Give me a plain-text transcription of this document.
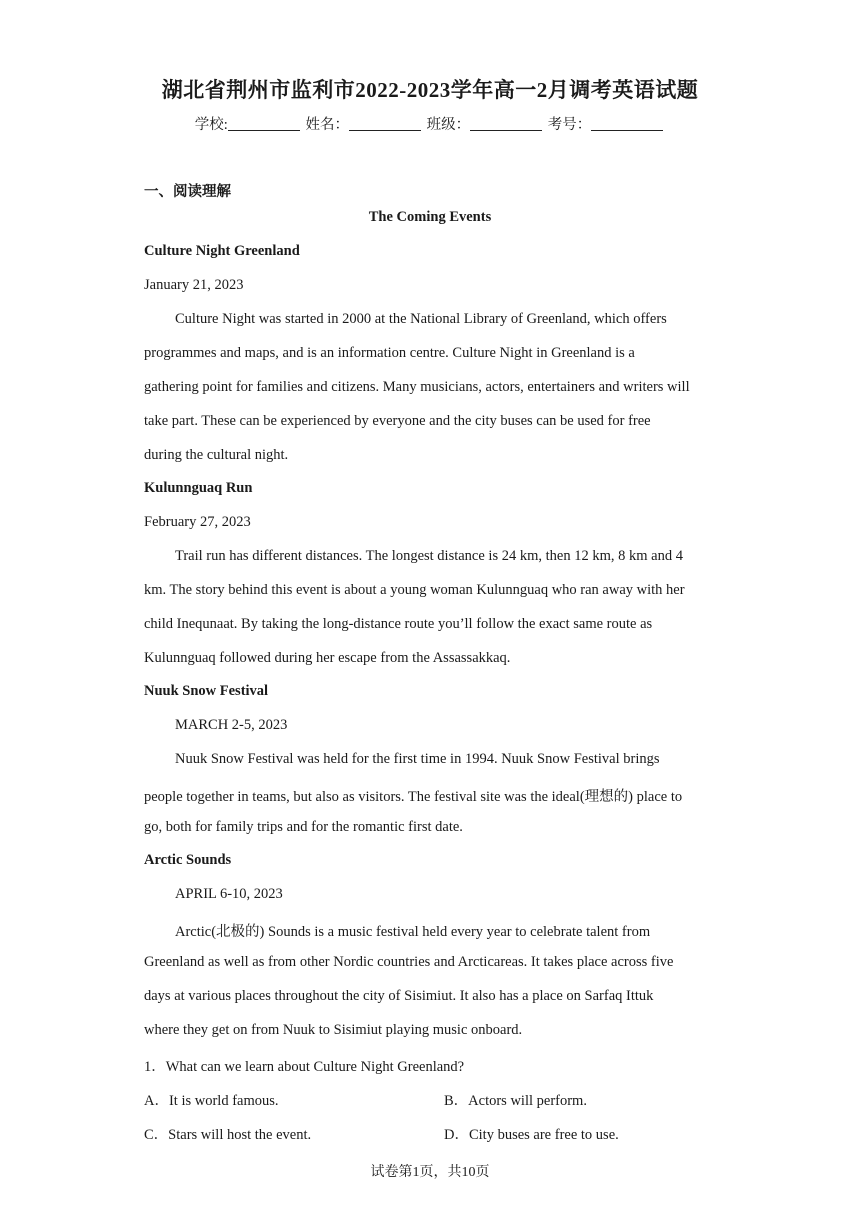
湖北省荆州市监利市2022-2023学年高一2月调考英语试题
学校:	姓名：	班级：	考号：
一、阅读理解
The Coming Events
Culture Night Greenland
January 21, 2023
Culture Night was started in 2000 at the National Library of Greenland, which offers
programmes and maps, and is an information centre. Culture Night in Greenland is a
gathering point for families and citizens. Many musicians, actors, entertainers and writers will
take part. These can be experienced by everyone and the city buses can be used for free
during the cultural night.
Kulunnguaq Run
February 27, 2023
Trail run has different distances. The longest distance is 24 km, then 12 km, 8 km and 4
km. The story behind this event is about a young woman Kulunnguaq who ran away with her
child Inequnaat. By taking the long-distance route you’ll follow the exact same route as
Kulunnguaq followed during her escape from the Assassakkaq.
Nuuk Snow Festival
MARCH 2-5, 2023
Nuuk Snow Festival was held for the first time in 1994. Nuuk Snow Festival brings
people together in teams, but also as visitors. The festival site was the ideal(理想的) place to
go, both for family trips and for the romantic first date.
Arctic Sounds
APRIL 6-10, 2023
Arctic(北极的) Sounds is a music festival held every year to celebrate talent from
Greenland as well as from other Nordic countries and Arcticareas. It takes place across five
days at various places throughout the city of Sisimiut. It also has a place on Sarfaq Ittuk
where they get on from Nuuk to Sisimiut playing music onboard.
1．What can we learn about Culture Night Greenland?
A．It is world famous.	B．Actors will perform.
C．Stars will host the event.	D．City buses are free to use.
试卷第1页，共10页
